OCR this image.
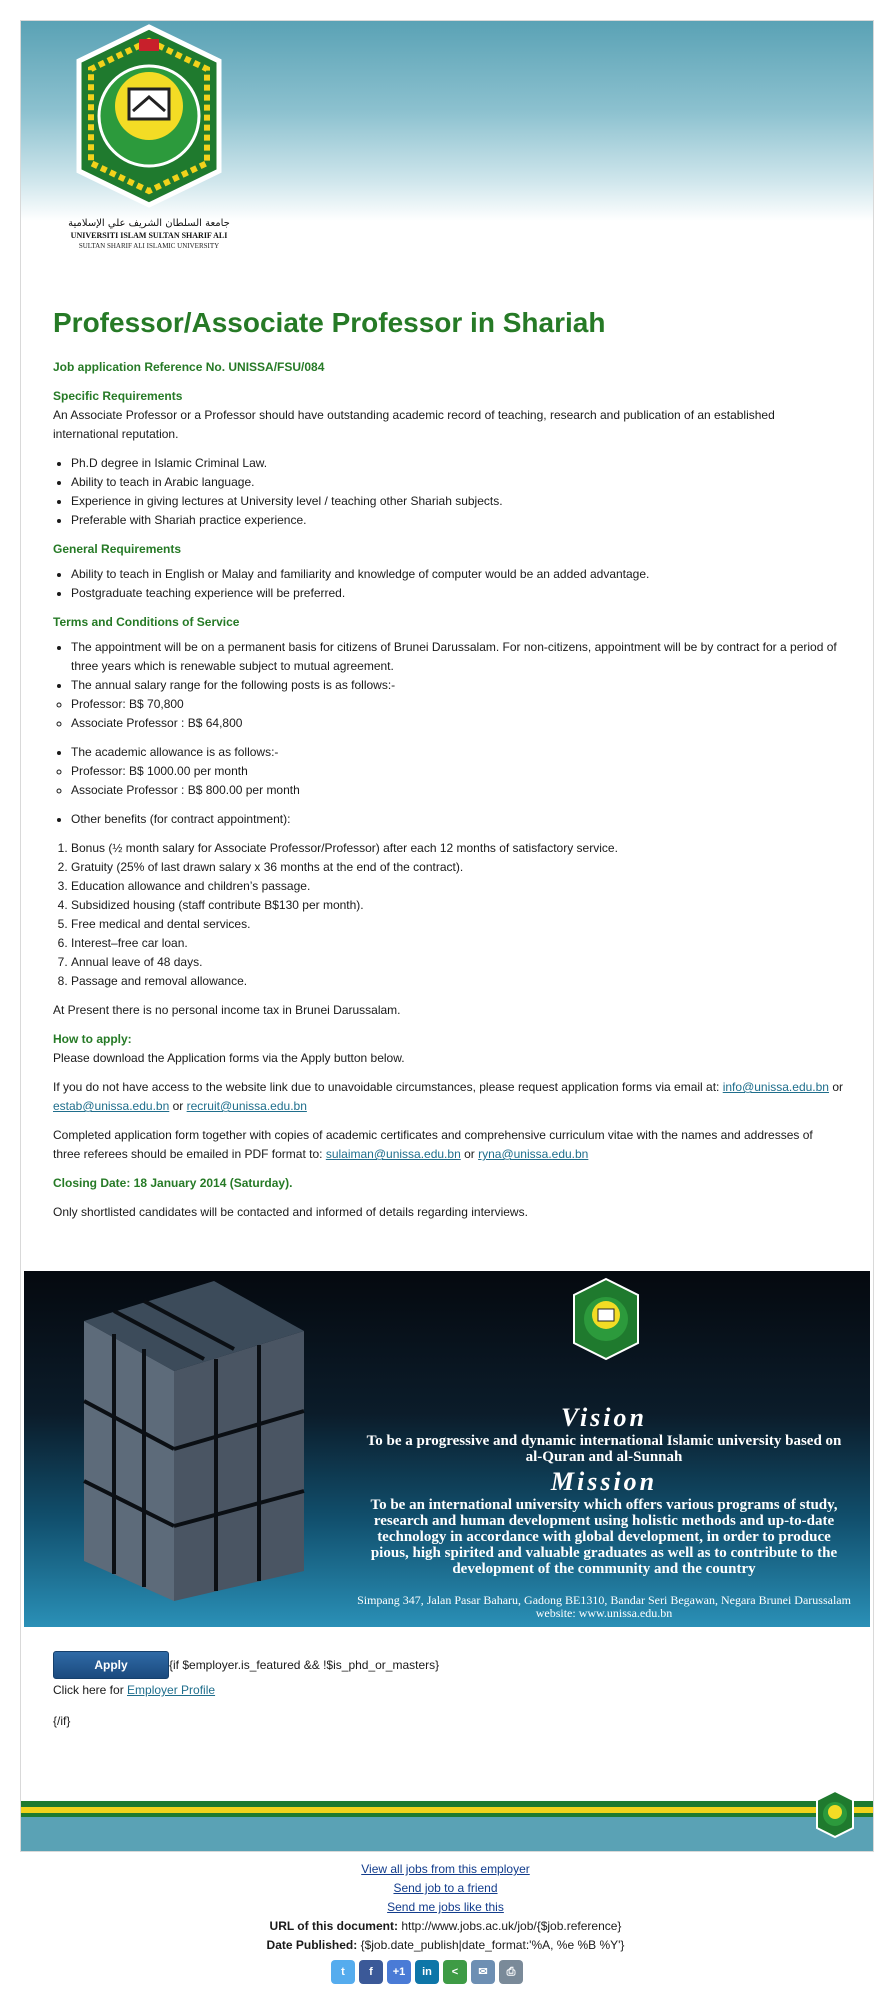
جامعة السلطان الشريف علي الإسلامية
UNIVERSITI ISLAM SULTAN SHARIF ALI
SULTAN SHARIF ALI ISLAMIC UNIVERSITY
Professor/Associate Professor in Shariah

Job application Reference No. UNISSA/FSU/084

Specific Requirements

An Associate Professor or a Professor should have outstanding academic record of teaching, research and publication of an established international reputation.

• Ph.D degree in Islamic Criminal Law.
• Ability to teach in Arabic language.
• Experience in giving lectures at University level / teaching other Shariah subjects.
• Preferable with Shariah practice experience.
General Requirements
• Ability to teach in English or Malay and familiarity and knowledge of computer would be an added advantage.
• Postgraduate teaching experience will be preferred.
Terms and Conditions of Service
• The appointment will be on a permanent basis for citizens of Brunei Darussalam. For non-citizens, appointment will be by contract for a period of three years which is renewable subject to mutual agreement.
• The annual salary range for the following posts is as follows:-
◦ Professor: B$ 70,800
◦ Associate Professor : B$ 64,800
• The academic allowance is as follows:-
◦ Professor: B$ 1000.00 per month
◦ Associate Professor : B$ 800.00 per month
• Other benefits (for contract appointment):
1. Bonus (½ month salary for Associate Professor/Professor) after each 12 months of satisfactory service.
2. Gratuity (25% of last drawn salary x 36 months at the end of the contract).
3. Education allowance and children’s passage.
4. Subsidized housing (staff contribute B$130 per month).
5. Free medical and dental services.
6. Interest–free car loan.
7. Annual leave of 48 days.
8. Passage and removal allowance.

At Present there is no personal income tax in Brunei Darussalam.

How to apply:

Please download the Application forms via the Apply button below.

If you do not have access to the website link due to unavoidable circumstances, please request application forms via email at: info@unissa.edu.bn or estab@unissa.edu.bn or recruit@unissa.edu.bn

Completed application form together with copies of academic certificates and comprehensive curriculum vitae with the names and addresses of three referees should be emailed in PDF format to: sulaiman@unissa.edu.bn or ryna@unissa.edu.bn

Closing Date: 18 January 2014 (Saturday).

Only shortlisted candidates will be contacted and informed of details regarding interviews.

Vision
To be a progressive and dynamic international Islamic university based on al-Quran and al-Sunnah
Mission
To be an international university which offers various programs of study, research and human development using holistic methods and up-to-date technology in accordance with global development, in order to produce pious, high spirited and valuable graduates as well as to contribute to the development of the community and the country
Simpang 347, Jalan Pasar Baharu, Gadong BE1310, Bandar Seri Begawan, Negara Brunei Darussalam
website: www.unissa.edu.bn
Apply	{if $employer.is_featured && !$is_phd_or_masters}
Click here for Employer Profile
{/if}
View all jobs from this employer
Send job to a friend
Send me jobs like this
URL of this document: http://www.jobs.ac.uk/job/{$job.reference}
Date Published: {$job.date_publish|date_format:'%A, %e %B %Y'}
t	f	+1	in	<	✉	⎙
